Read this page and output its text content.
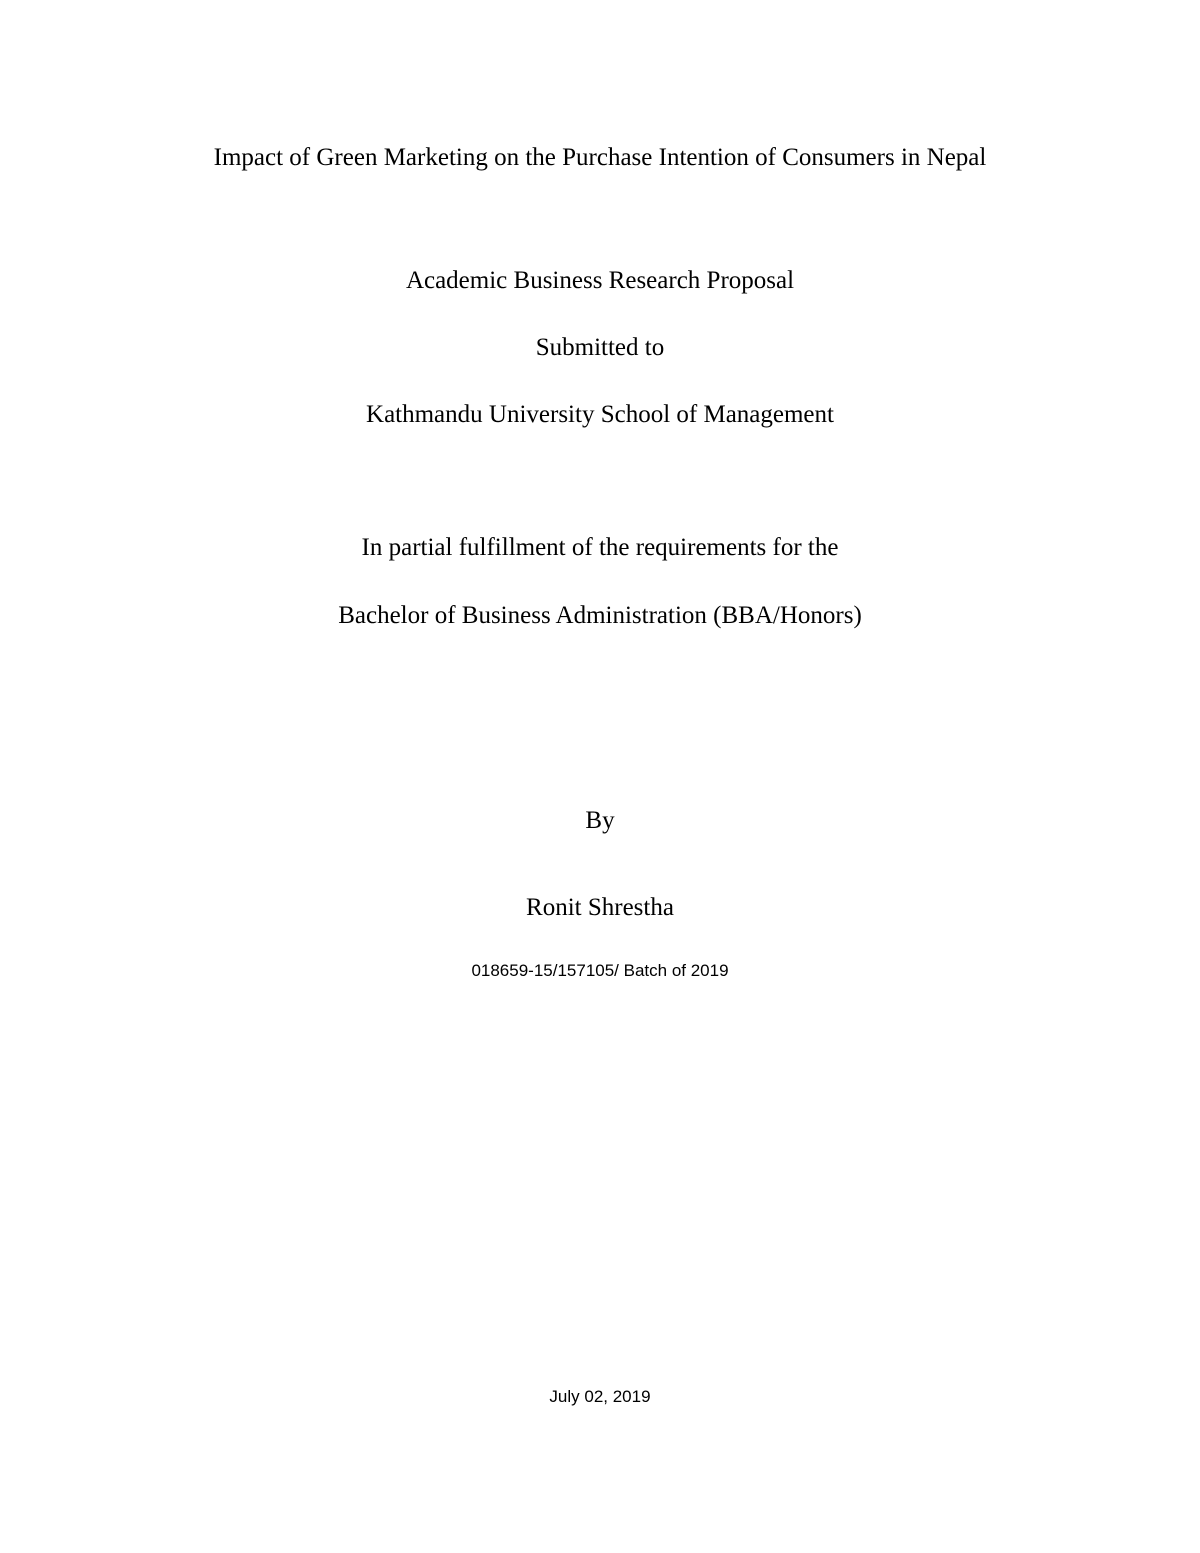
Impact of Green Marketing on the Purchase Intention of Consumers in Nepal
Academic Business Research Proposal
Submitted to
Kathmandu University School of Management
In partial fulfillment of the requirements for the
Bachelor of Business Administration (BBA/Honors)
By
Ronit Shrestha
018659-15/157105/ Batch of 2019
July 02, 2019
